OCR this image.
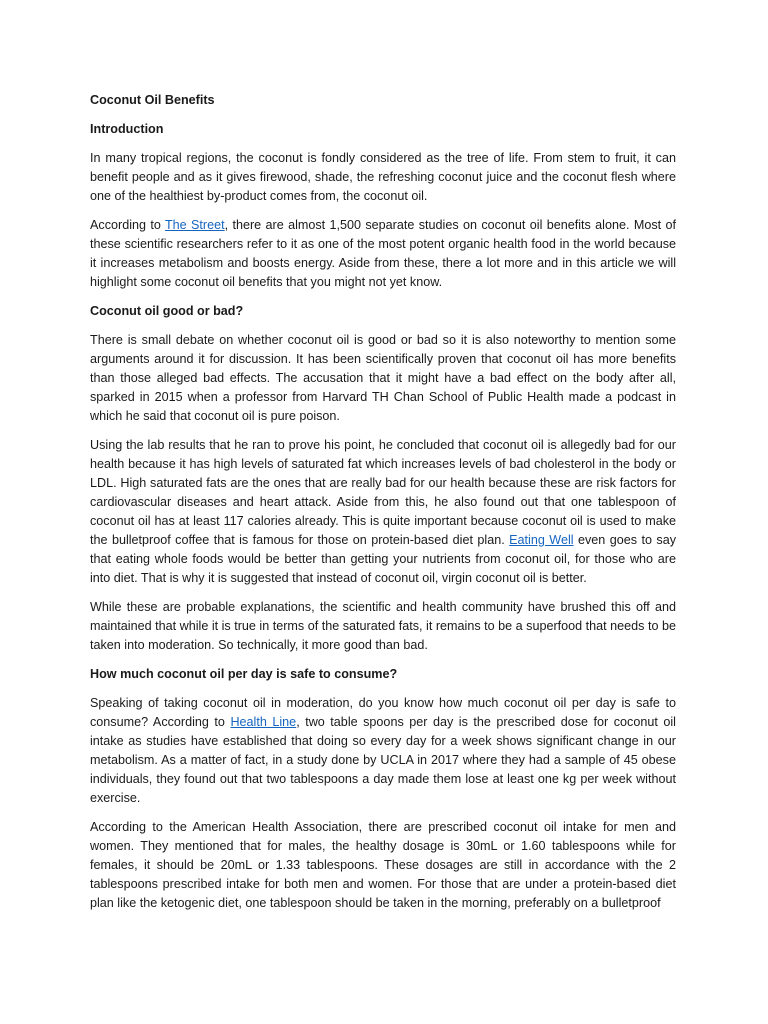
Coconut Oil Benefits
Introduction

In many tropical regions, the coconut is fondly considered as the tree of life. From stem to fruit, it can benefit people and as it gives firewood, shade, the refreshing coconut juice and the coconut flesh where one of the healthiest by-product comes from, the coconut oil.

According to The Street, there are almost 1,500 separate studies on coconut oil benefits alone. Most of these scientific researchers refer to it as one of the most potent organic health food in the world because it increases metabolism and boosts energy. Aside from these, there a lot more and in this article we will highlight some coconut oil benefits that you might not yet know.

Coconut oil good or bad?

There is small debate on whether coconut oil is good or bad so it is also noteworthy to mention some arguments around it for discussion. It has been scientifically proven that coconut oil has more benefits than those alleged bad effects. The accusation that it might have a bad effect on the body after all, sparked in 2015 when a professor from Harvard TH Chan School of Public Health made a podcast in which he said that coconut oil is pure poison.

Using the lab results that he ran to prove his point, he concluded that coconut oil is allegedly bad for our health because it has high levels of saturated fat which increases levels of bad cholesterol in the body or LDL. High saturated fats are the ones that are really bad for our health because these are risk factors for cardiovascular diseases and heart attack. Aside from this, he also found out that one tablespoon of coconut oil has at least 117 calories already. This is quite important because coconut oil is used to make the bulletproof coffee that is famous for those on protein-based diet plan. Eating Well even goes to say that eating whole foods would be better than getting your nutrients from coconut oil, for those who are into diet. That is why it is suggested that instead of coconut oil, virgin coconut oil is better.

While these are probable explanations, the scientific and health community have brushed this off and maintained that while it is true in terms of the saturated fats, it remains to be a superfood that needs to be taken into moderation. So technically, it more good than bad.

How much coconut oil per day is safe to consume?

Speaking of taking coconut oil in moderation, do you know how much coconut oil per day is safe to consume? According to Health Line, two table spoons per day is the prescribed dose for coconut oil intake as studies have established that doing so every day for a week shows significant change in our metabolism. As a matter of fact, in a study done by UCLA in 2017 where they had a sample of 45 obese individuals, they found out that two tablespoons a day made them lose at least one kg per week without exercise.

According to the American Health Association, there are prescribed coconut oil intake for men and women. They mentioned that for males, the healthy dosage is 30mL or 1.60 tablespoons while for females, it should be 20mL or 1.33 tablespoons. These dosages are still in accordance with the 2 tablespoons prescribed intake for both men and women. For those that are under a protein-based diet plan like the ketogenic diet, one tablespoon should be taken in the morning, preferably on a bulletproof
